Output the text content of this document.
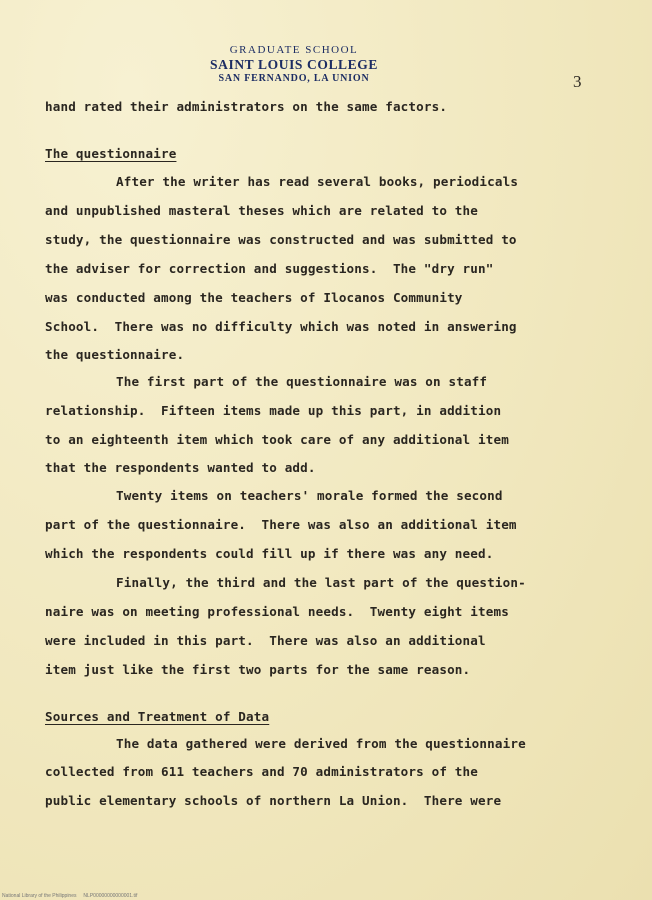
GRADUATE SCHOOL
SAINT LOUIS COLLEGE
SAN FERNANDO, LA UNION	3
hand rated their administrators on the same factors.
The questionnaire
After the writer has read several books, periodicals
and unpublished masteral theses which are related to the
study, the questionnaire was constructed and was submitted to
the adviser for correction and suggestions.  The "dry run"
was conducted among the teachers of Ilocanos Community
School.  There was no difficulty which was noted in answering
the questionnaire.
The first part of the questionnaire was on staff
relationship.  Fifteen items made up this part, in addition
to an eighteenth item which took care of any additional item
that the respondents wanted to add.
Twenty items on teachers' morale formed the second
part of the questionnaire.  There was also an additional item
which the respondents could fill up if there was any need.
Finally, the third and the last part of the question-
naire was on meeting professional needs.  Twenty eight items
were included in this part.  There was also an additional
item just like the first two parts for the same reason.
Sources and Treatment of Data
The data gathered were derived from the questionnaire
collected from 611 teachers and 70 administrators of the
public elementary schools of northern La Union.  There were
National Library of the Philippines     NLP00000000000001.tif
